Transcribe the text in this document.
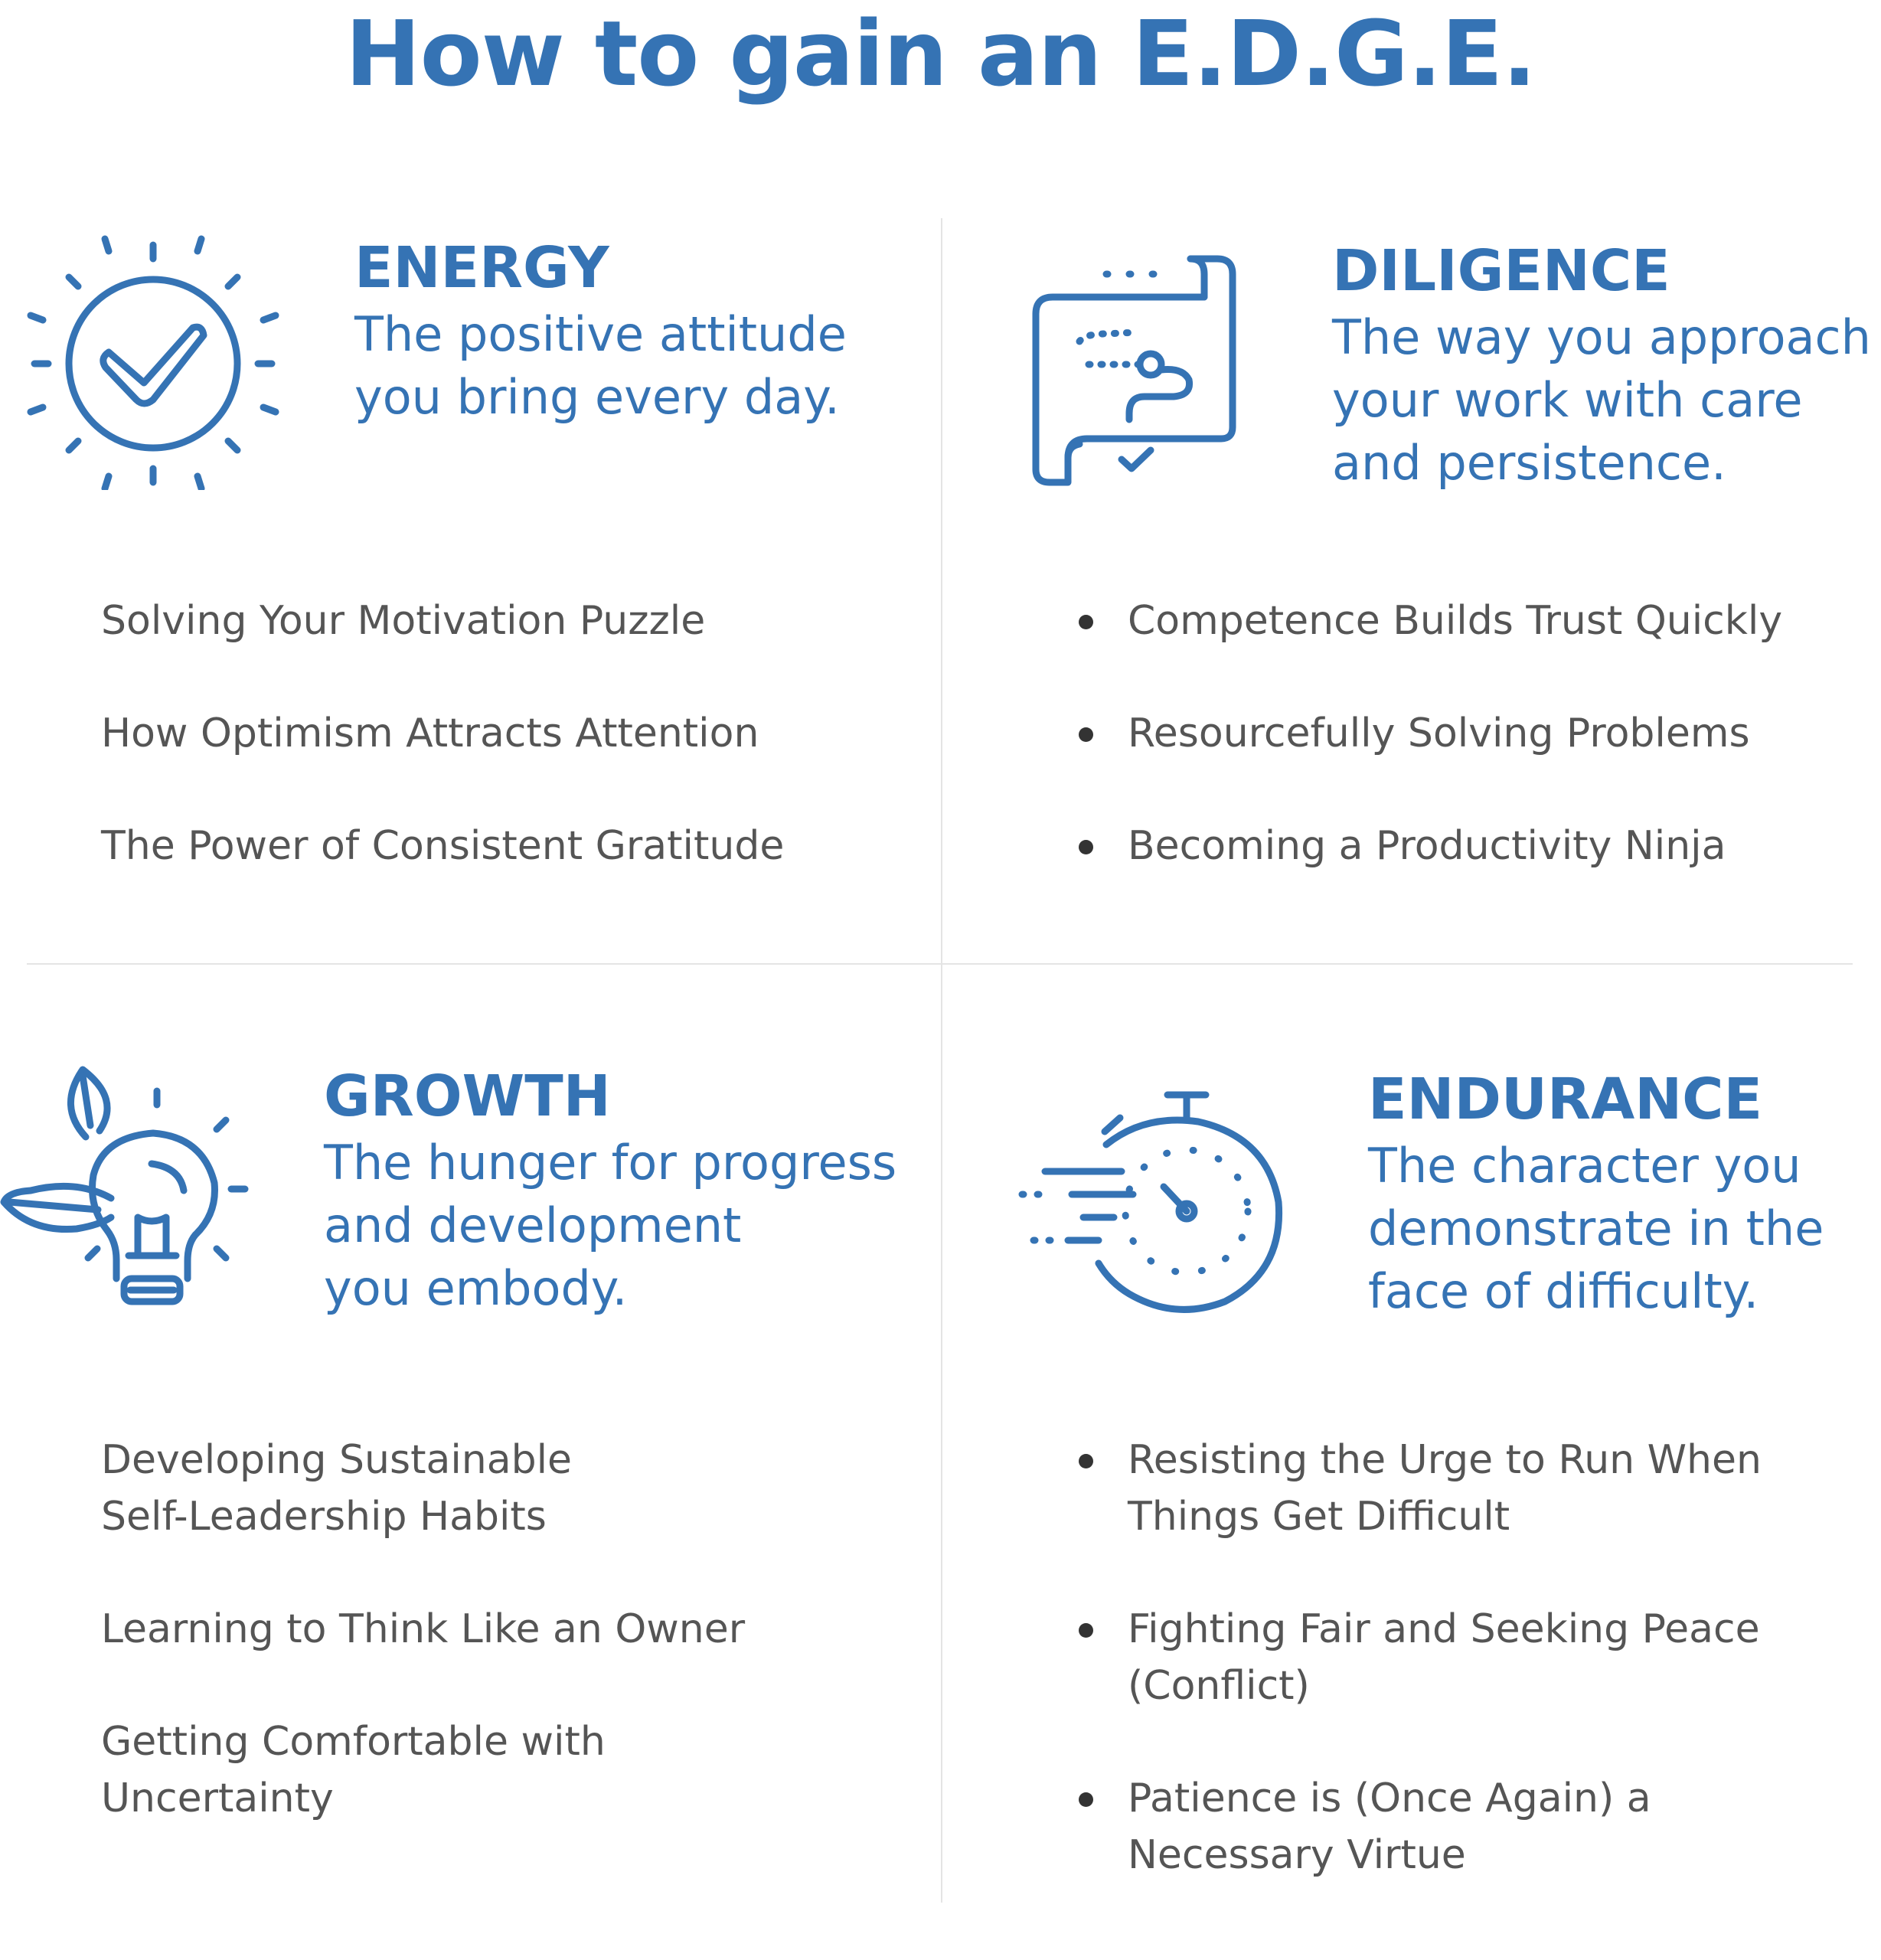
How to gain an E.D.G.E.
ENERGY
The positive attitude
you bring every day.
Solving Your Motivation Puzzle
How Optimism Attracts Attention
The Power of Consistent Gratitude
DILIGENCE
The way you approach
your work with care
and persistence.
Competence Builds Trust Quickly
Resourcefully Solving Problems
Becoming a Productivity Ninja
GROWTH
The hunger for progress
and development
you embody.
Developing Sustainable
Self-Leadership Habits
Learning to Think Like an Owner
Getting Comfortable with
Uncertainty
ENDURANCE
The character you
demonstrate in the
face of difficulty.
Resisting the Urge to Run When
Things Get Difficult
Fighting Fair and Seeking Peace
(Conflict)
Patience is (Once Again) a
Necessary Virtue
